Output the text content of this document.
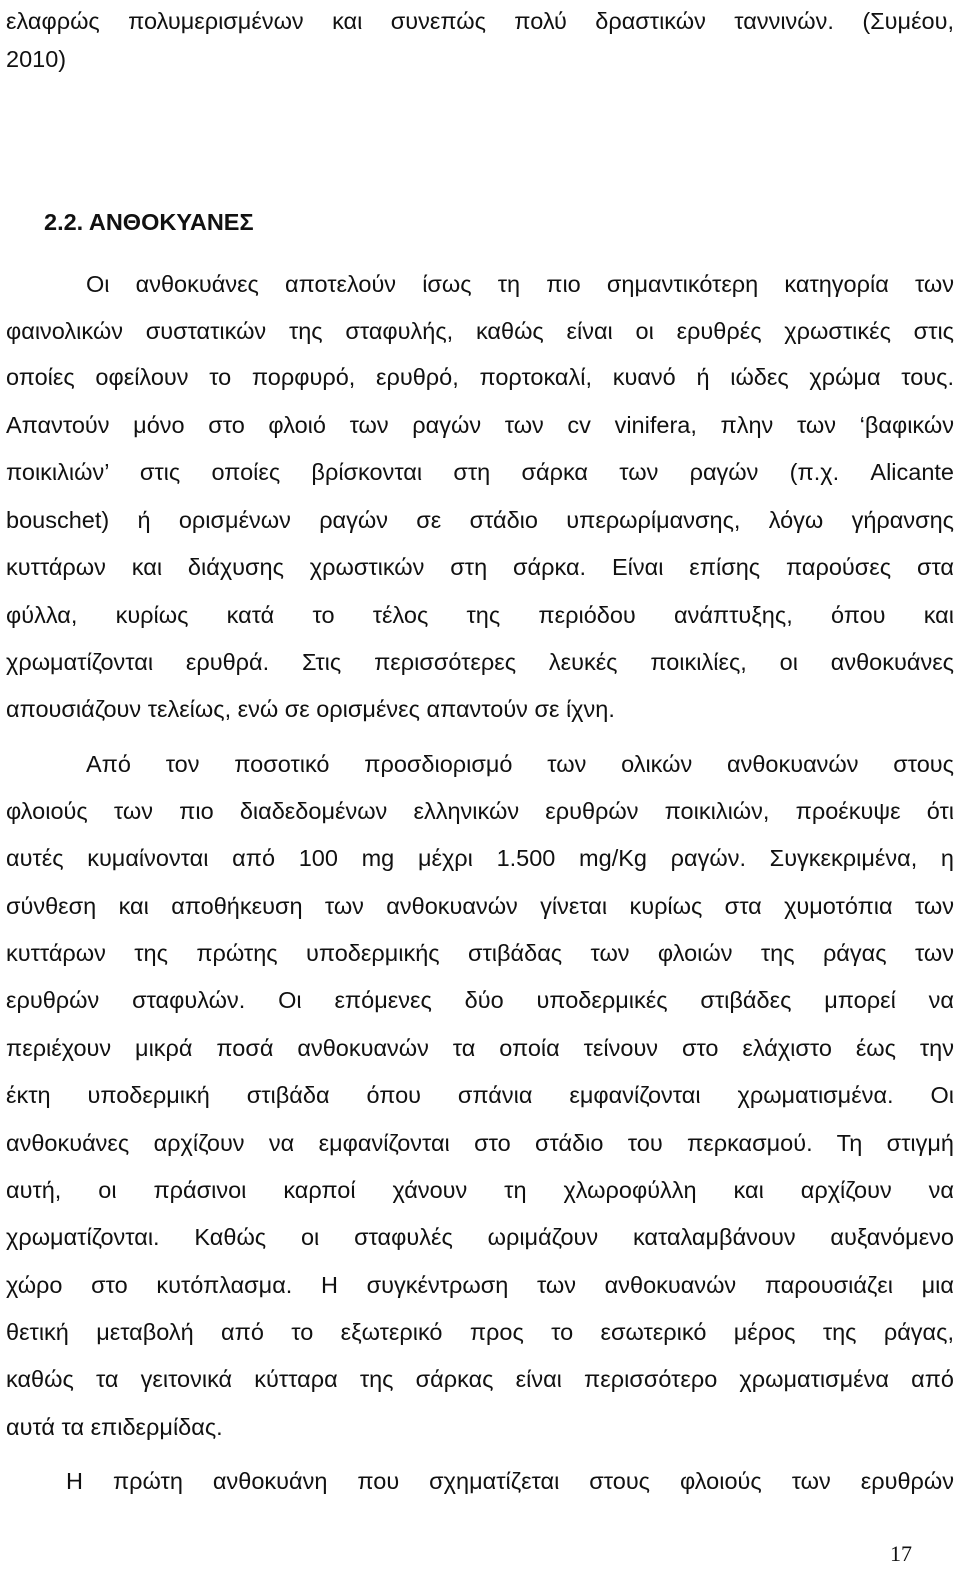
ελαφρώς πολυμερισμένων και συνεπώς πολύ δραστικών ταννινών. (Συμέου,
2010)
2.2. ΑΝΘΟΚΥΑΝΕΣ
Οι ανθοκυάνες αποτελούν ίσως τη πιο σημαντικότερη κατηγορία των
φαινολικών συστατικών της σταφυλής, καθώς είναι οι ερυθρές χρωστικές στις
οποίες οφείλουν το πορφυρό, ερυθρό, πορτοκαλί, κυανό ή ιώδες χρώμα τους.
Απαντούν μόνο στο φλοιό των ραγών των cv vinifera, πλην των ‘βαφικών
ποικιλιών’ στις οποίες βρίσκονται στη σάρκα των ραγών (π.χ. Alicante
bouschet) ή ορισμένων ραγών σε στάδιο υπερωρίμανσης, λόγω γήρανσης
κυττάρων και διάχυσης χρωστικών στη σάρκα. Είναι επίσης παρούσες στα
φύλλα, κυρίως κατά το τέλος της περιόδου ανάπτυξης, όπου και
χρωματίζονται ερυθρά. Στις περισσότερες λευκές ποικιλίες, οι ανθοκυάνες
απουσιάζουν τελείως, ενώ σε ορισμένες απαντούν σε ίχνη.
Από τον ποσοτικό προσδιορισμό των ολικών ανθοκυανών στους
φλοιούς των πιο διαδεδομένων ελληνικών ερυθρών ποικιλιών, προέκυψε ότι
αυτές κυμαίνονται από 100 mg μέχρι 1.500 mg/Kg ραγών. Συγκεκριμένα, η
σύνθεση και αποθήκευση των ανθοκυανών γίνεται κυρίως στα χυμοτόπια των
κυττάρων της πρώτης υποδερμικής στιβάδας των φλοιών της ράγας των
ερυθρών σταφυλών. Οι επόμενες δύο υποδερμικές στιβάδες μπορεί να
περιέχουν μικρά ποσά ανθοκυανών τα οποία τείνουν στο ελάχιστο έως την
έκτη υποδερμική στιβάδα όπου σπάνια εμφανίζονται χρωματισμένα. Οι
ανθοκυάνες αρχίζουν να εμφανίζονται στο στάδιο του περκασμού. Τη στιγμή
αυτή, οι πράσινοι καρποί χάνουν τη χλωροφύλλη και αρχίζουν να
χρωματίζονται. Καθώς οι σταφυλές ωριμάζουν καταλαμβάνουν αυξανόμενο
χώρο στο κυτόπλασμα. Η συγκέντρωση των ανθοκυανών παρουσιάζει μια
θετική μεταβολή από το εξωτερικό προς το εσωτερικό μέρος της ράγας,
καθώς τα γειτονικά κύτταρα της σάρκας είναι περισσότερο χρωματισμένα από
αυτά τα επιδερμίδας.
Η πρώτη ανθοκυάνη που σχηματίζεται στους φλοιούς των ερυθρών
17
